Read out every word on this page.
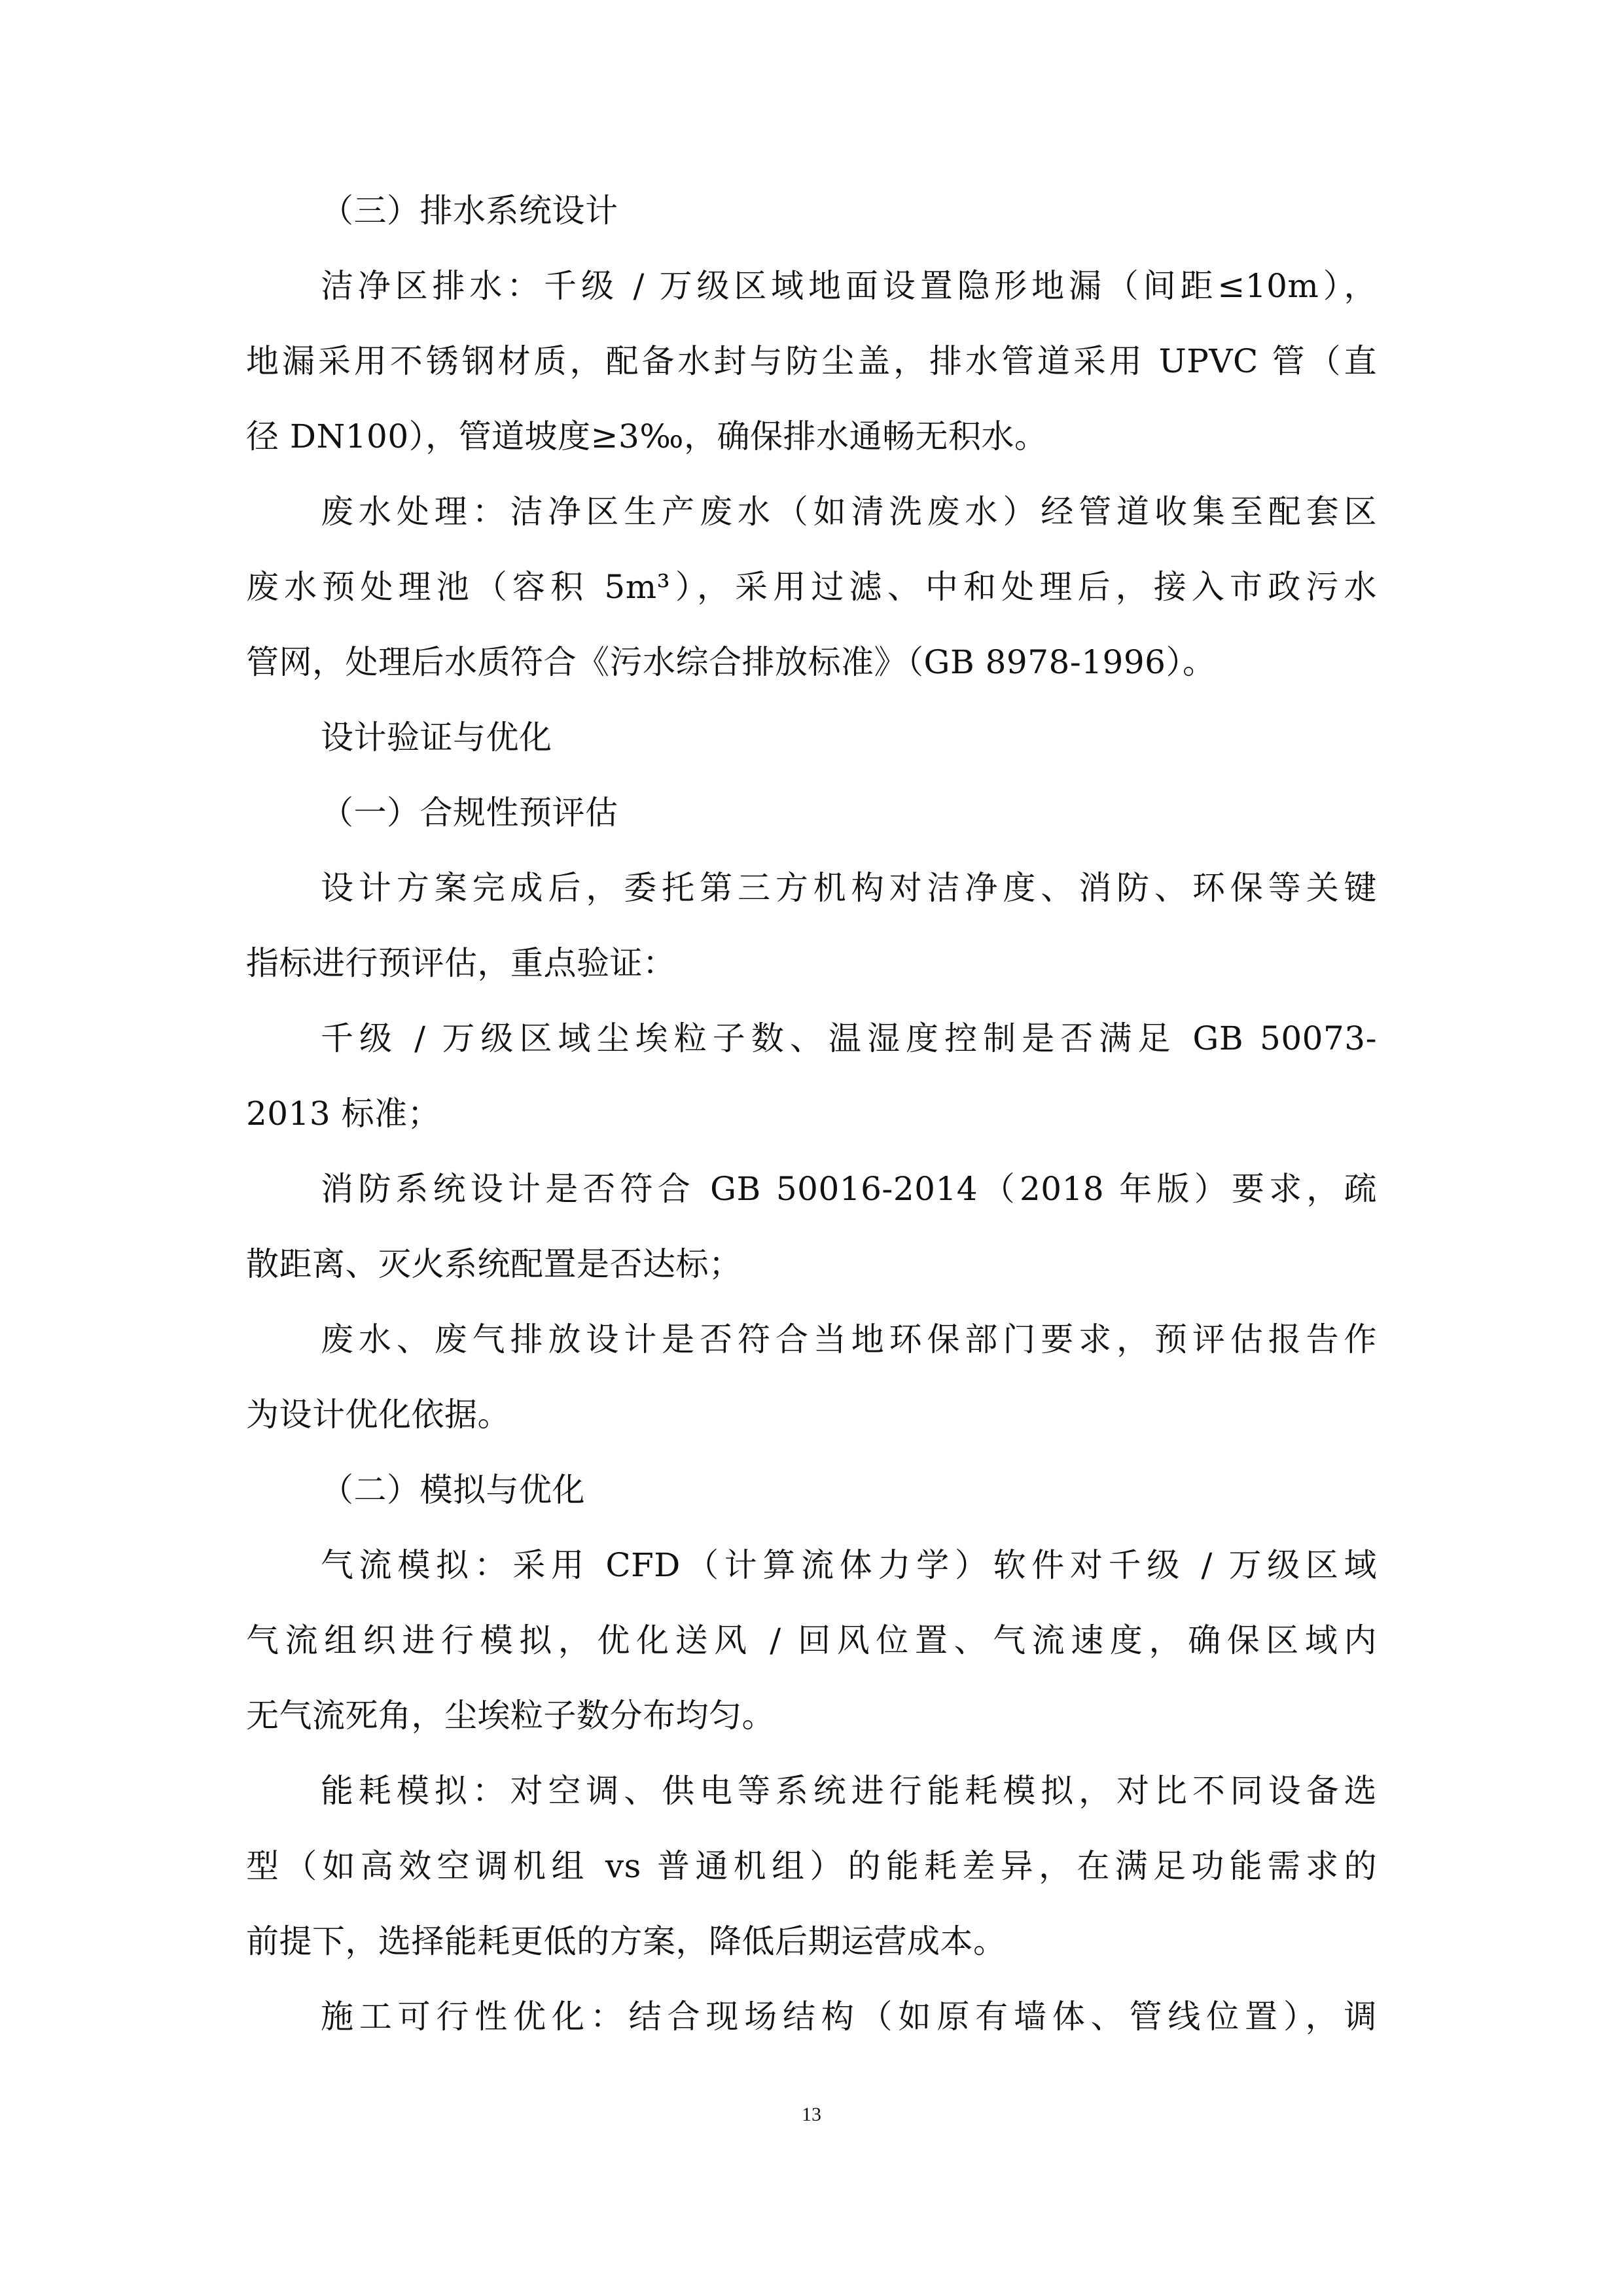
（三）排水系统设计
洁净区排水：千级 / 万级区域地面设置隐形地漏（间距≤10m），
地漏采用不锈钢材质，配备水封与防尘盖，排水管道采用 UPVC 管（直
径 DN100），管道坡度≥3‰，确保排水通畅无积水。
废水处理：洁净区生产废水（如清洗废水）经管道收集至配套区
废水预处理池（容积 5m³），采用过滤、中和处理后，接入市政污水
管网，处理后水质符合《污水综合排放标准》（GB 8978-1996）。
设计验证与优化
（一）合规性预评估
设计方案完成后，委托第三方机构对洁净度、消防、环保等关键
指标进行预评估，重点验证：
千级 / 万级区域尘埃粒子数、温湿度控制是否满足 GB 50073-
2013 标准；
消防系统设计是否符合 GB 50016-2014（2018 年版）要求，疏
散距离、灭火系统配置是否达标；
废水、废气排放设计是否符合当地环保部门要求，预评估报告作
为设计优化依据。
（二）模拟与优化
气流模拟：采用 CFD（计算流体力学）软件对千级 / 万级区域
气流组织进行模拟，优化送风 / 回风位置、气流速度，确保区域内
无气流死角，尘埃粒子数分布均匀。
能耗模拟：对空调、供电等系统进行能耗模拟，对比不同设备选
型（如高效空调机组 vs 普通机组）的能耗差异，在满足功能需求的
前提下，选择能耗更低的方案，降低后期运营成本。
施工可行性优化：结合现场结构（如原有墙体、管线位置），调
13
